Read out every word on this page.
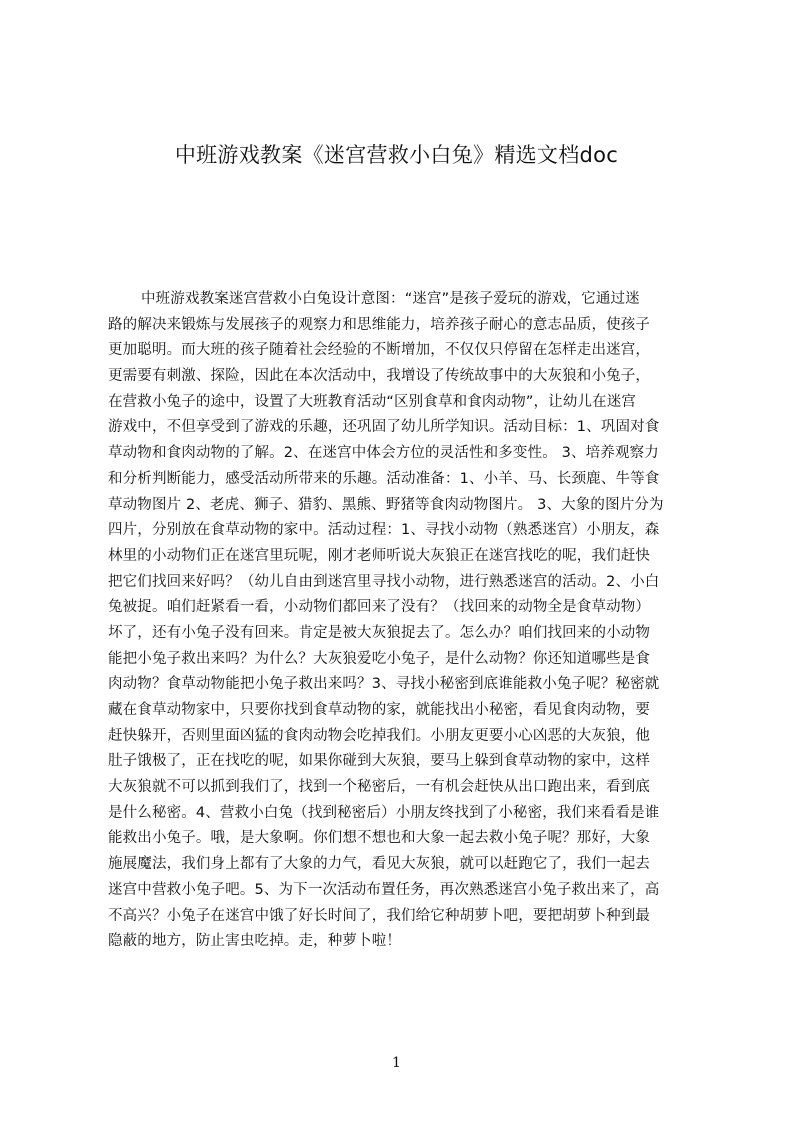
中班游戏教案《迷宫营救小白兔》精选文档doc
中班游戏教案迷宫营救小白兔设计意图：“迷宫”是孩子爱玩的游戏，它通过迷
路的解决来锻炼与发展孩子的观察力和思维能力，培养孩子耐心的意志品质，使孩子
更加聪明。而大班的孩子随着社会经验的不断增加，不仅仅只停留在怎样走出迷宫，
更需要有刺激、探险，因此在本次活动中，我增设了传统故事中的大灰狼和小兔子，
在营救小兔子的途中，设置了大班教育活动“区别食草和食肉动物”，让幼儿在迷宫
游戏中，不但享受到了游戏的乐趣，还巩固了幼儿所学知识。活动目标：1、巩固对食
草动物和食肉动物的了解。2、在迷宫中体会方位的灵活性和多变性。 3、培养观察力
和分析判断能力，感受活动所带来的乐趣。活动准备：1、小羊、马、长颈鹿、牛等食
草动物图片 2、老虎、狮子、猎豹、黑熊、野猪等食肉动物图片。 3、大象的图片分为
四片，分别放在食草动物的家中。活动过程：1、寻找小动物（熟悉迷宫）小朋友，森
林里的小动物们正在迷宫里玩呢，刚才老师听说大灰狼正在迷宫找吃的呢，我们赶快
把它们找回来好吗？（幼儿自由到迷宫里寻找小动物，进行熟悉迷宫的活动。2、小白
兔被捉。咱们赶紧看一看，小动物们都回来了没有？（找回来的动物全是食草动物）
坏了，还有小兔子没有回来。肯定是被大灰狼捉去了。怎么办？咱们找回来的小动物
能把小兔子救出来吗？为什么？大灰狼爱吃小兔子，是什么动物？你还知道哪些是食
肉动物？食草动物能把小兔子救出来吗？3、寻找小秘密到底谁能救小兔子呢？秘密就
藏在食草动物家中，只要你找到食草动物的家，就能找出小秘密，看见食肉动物，要
赶快躲开，否则里面凶猛的食肉动物会吃掉我们。小朋友更要小心凶恶的大灰狼，他
肚子饿极了，正在找吃的呢，如果你碰到大灰狼，要马上躲到食草动物的家中，这样
大灰狼就不可以抓到我们了，找到一个秘密后，一有机会赶快从出口跑出来，看到底
是什么秘密。4、营救小白兔（找到秘密后）小朋友终找到了小秘密，我们来看看是谁
能救出小兔子。哦，是大象啊。你们想不想也和大象一起去救小兔子呢？那好，大象
施展魔法，我们身上都有了大象的力气，看见大灰狼，就可以赶跑它了，我们一起去
迷宫中营救小兔子吧。5、为下一次活动布置任务，再次熟悉迷宫小兔子救出来了，高
不高兴？小兔子在迷宫中饿了好长时间了，我们给它种胡萝卜吧，要把胡萝卜种到最
隐蔽的地方，防止害虫吃掉。走，种萝卜啦！
1
